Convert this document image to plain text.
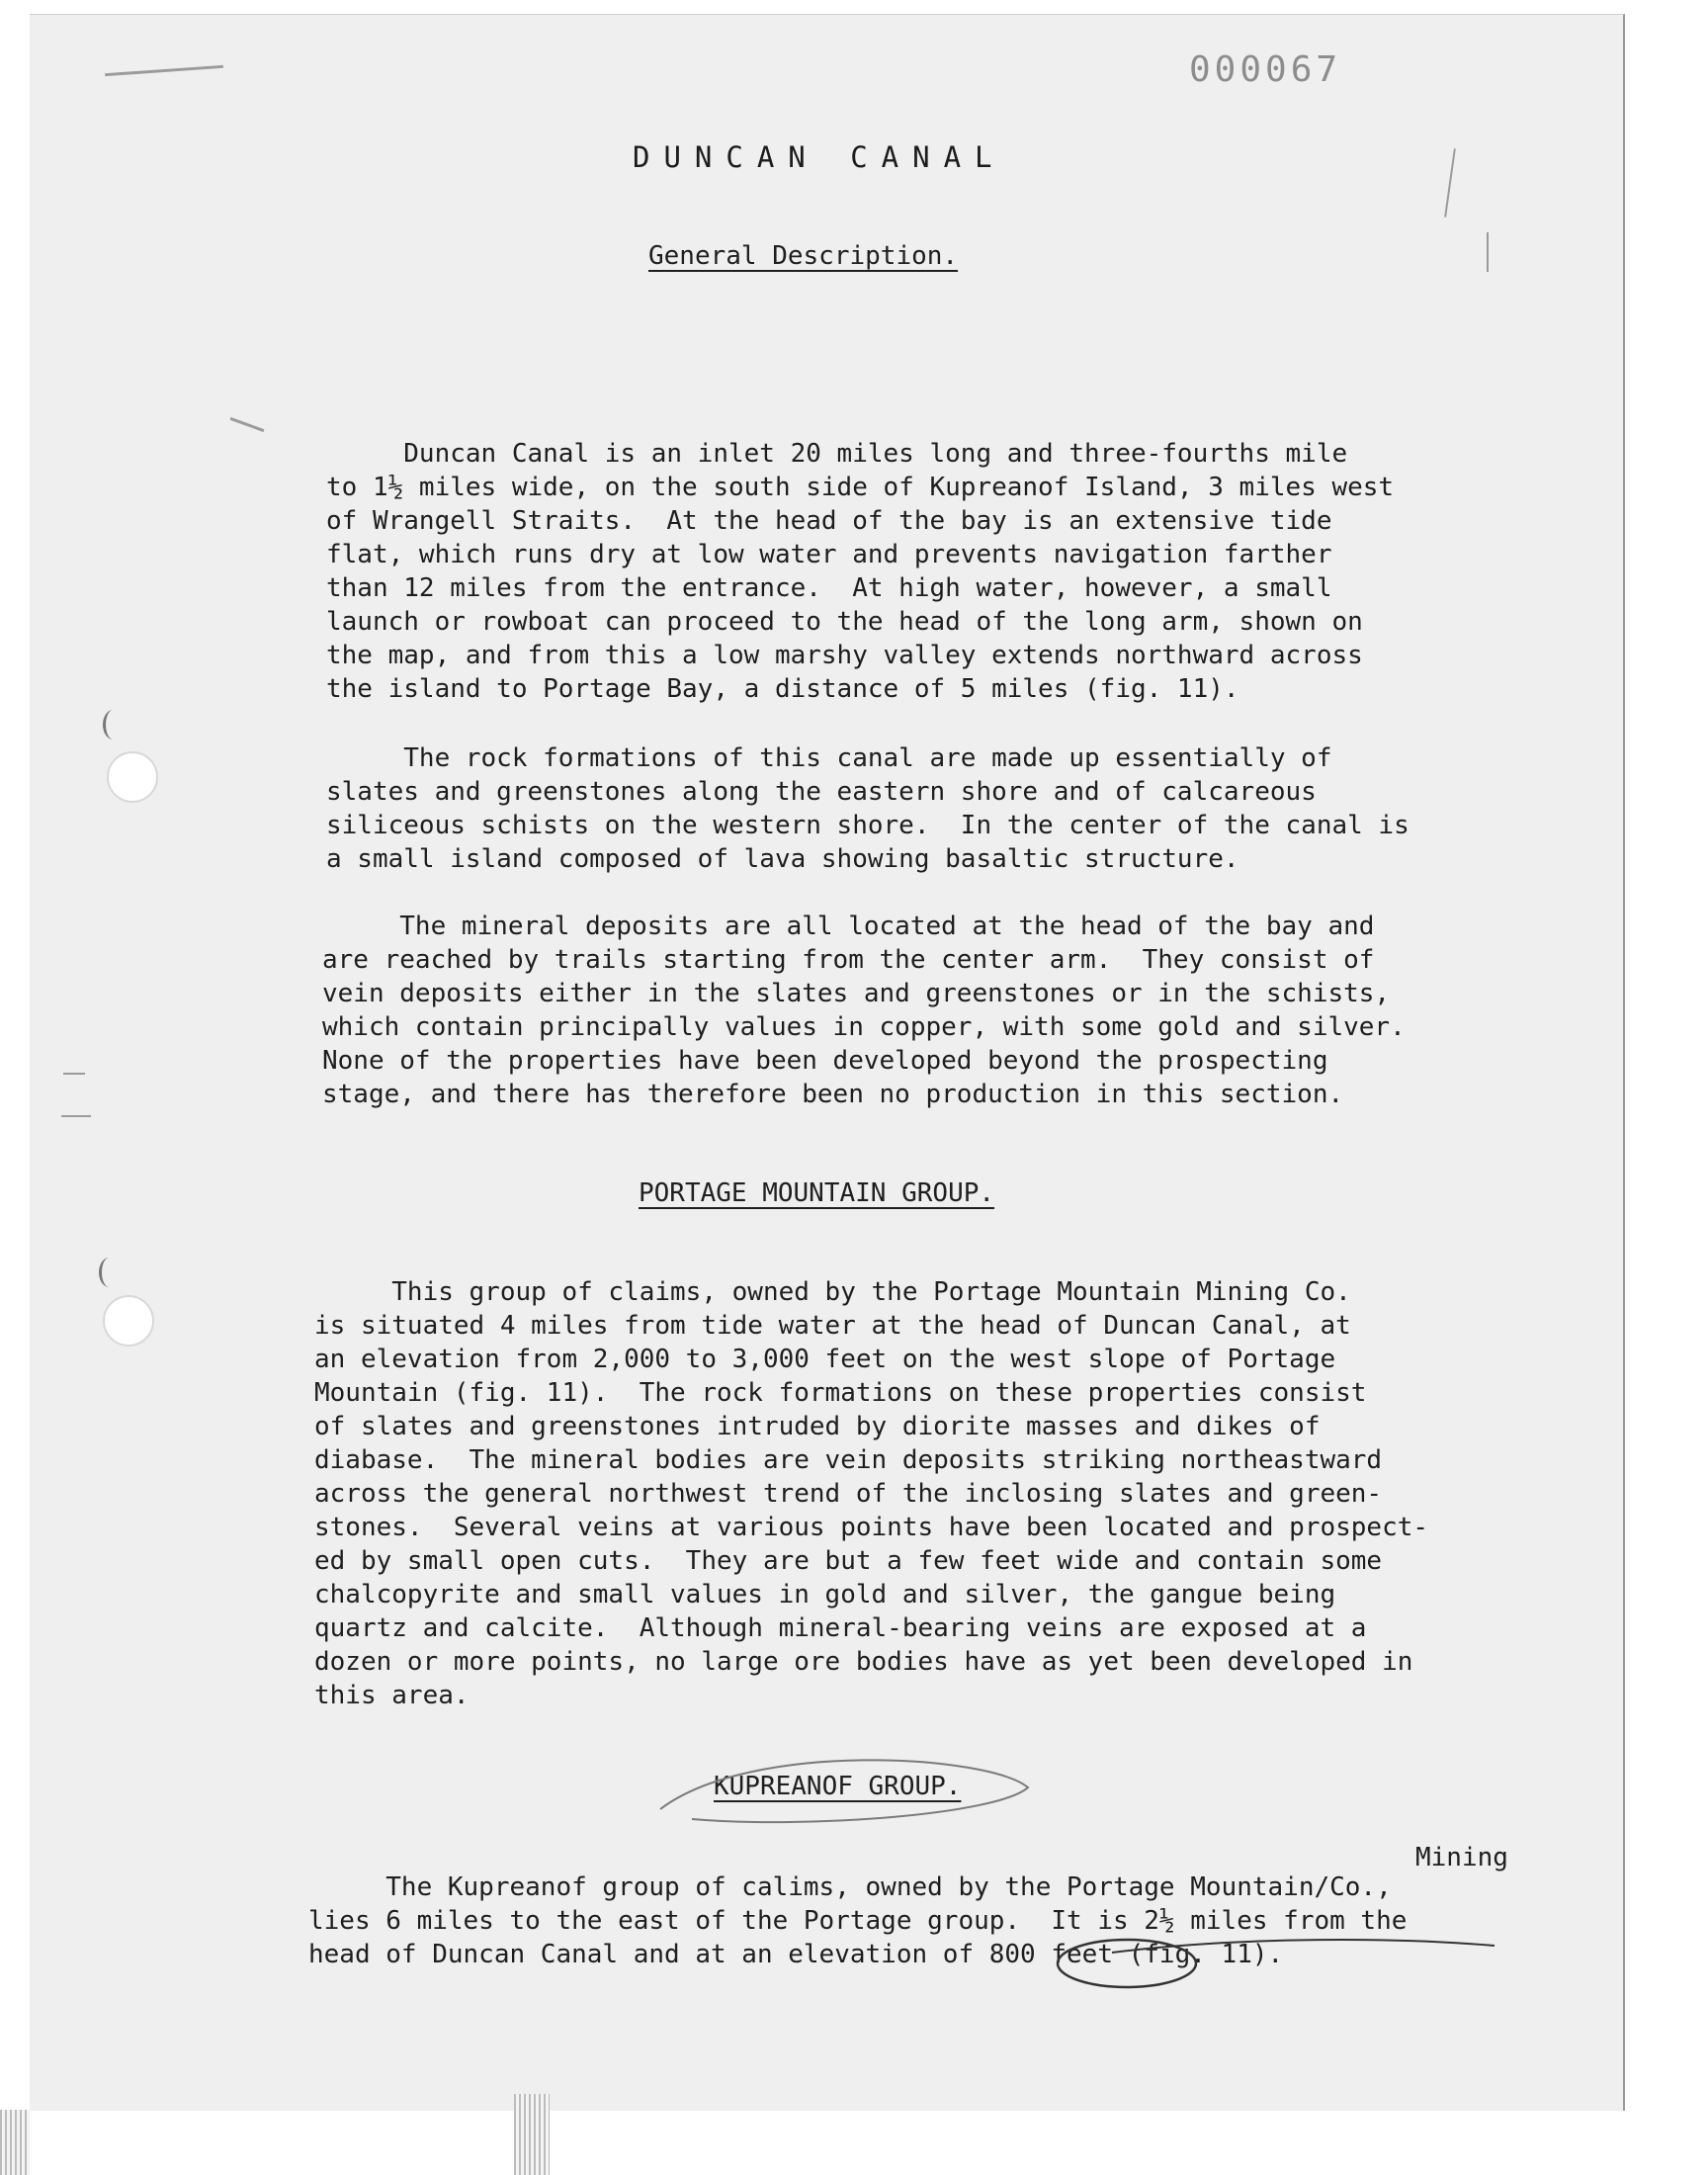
000067
DUNCAN CANAL
General Description.

Duncan Canal is an inlet 20 miles long and three-fourths mile
to 1½ miles wide, on the south side of Kupreanof Island, 3 miles west
of Wrangell Straits.  At the head of the bay is an extensive tide
flat, which runs dry at low water and prevents navigation farther
than 12 miles from the entrance.  At high water, however, a small
launch or rowboat can proceed to the head of the long arm, shown on
the map, and from this a low marshy valley extends northward across
the island to Portage Bay, a distance of 5 miles (fig. 11).

The rock formations of this canal are made up essentially of
slates and greenstones along the eastern shore and of calcareous
siliceous schists on the western shore.  In the center of the canal is
a small island composed of lava showing basaltic structure.

The mineral deposits are all located at the head of the bay and
are reached by trails starting from the center arm.  They consist of
vein deposits either in the slates and greenstones or in the schists,
which contain principally values in copper, with some gold and silver.
None of the properties have been developed beyond the prospecting
stage, and there has therefore been no production in this section.

PORTAGE MOUNTAIN GROUP.

This group of claims, owned by the Portage Mountain Mining Co.
is situated 4 miles from tide water at the head of Duncan Canal, at
an elevation from 2,000 to 3,000 feet on the west slope of Portage
Mountain (fig. 11).  The rock formations on these properties consist
of slates and greenstones intruded by diorite masses and dikes of
diabase.  The mineral bodies are vein deposits striking northeastward
across the general northwest trend of the inclosing slates and green-
stones.  Several veins at various points have been located and prospect-
ed by small open cuts.  They are but a few feet wide and contain some
chalcopyrite and small values in gold and silver, the gangue being
quartz and calcite.  Although mineral-bearing veins are exposed at a
dozen or more points, no large ore bodies have as yet been developed in
this area.

KUPREANOF GROUP.
Mining

The Kupreanof group of calims, owned by the Portage Mountain/Co.,
lies 6 miles to the east of the Portage group.  It is 2½ miles from the
head of Duncan Canal and at an elevation of 800 feet (fig. 11).
